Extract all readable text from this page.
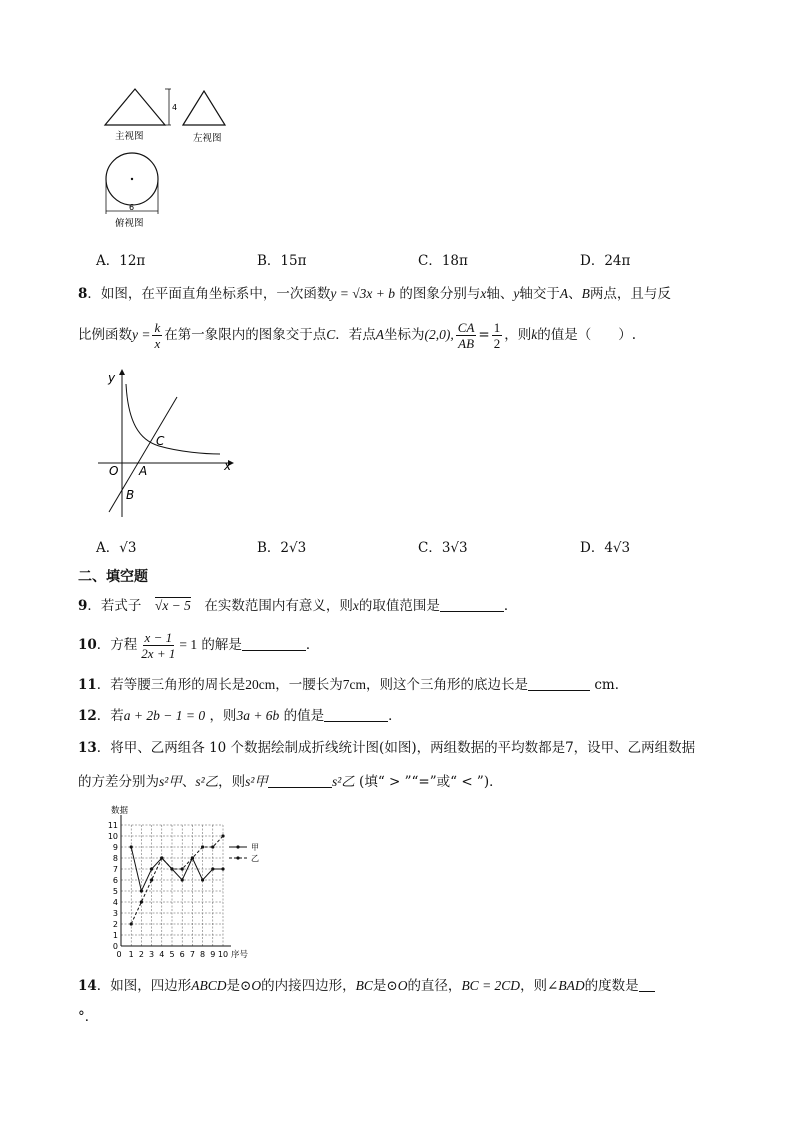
4
主视图	左视图
6
俯视图
A．12π	B．15π	C．18π	D．24π
8．如图，在平面直角坐标系中，一次函数y = √3x + b 的图象分别与x轴、y轴交于A、B两点，且与反
比例函数$y = \frac{k}{x}$ 在第一象限内的图象交于点C．若点A坐标为(2,0), $\frac{CA}{AB} = \frac{1}{2}$ ，则k的值是（　　）.
y
x
O A
B
C
A．√3	B．2√3	C．3√3	D．4√3
二、填空题
9．若式子　 √x − 5　 在实数范围内有意义，则x的取值范围是	．
10．方程 $\frac{x - 1}{2x + 1} = 1$ 的解是	．
11．若等腰三角形的周长是20cm，一腰长为7cm，则这个三角形的底边长是	cm．
12．若a + 2b − 1 = 0 ，则3a + 6b 的值是	．
13．将甲、乙两组各 10 个数据绘制成折线统计图(如图)，两组数据的平均数都是7，设甲、乙两组数据
的方差分别为s²甲、s²乙，则s²甲	s²乙 (填“ > ”“=”或“ < ”)．
0
1
2
3
4
5
6
7
8
9
10
11
0 1 2 3 4 5 6 7 8 9 10
数据
序号
甲
乙
14．如图，四边形ABCD是⊙O的内接四边形，BC是⊙O的直径，BC = 2CD，则∠BAD的度数是
°．
